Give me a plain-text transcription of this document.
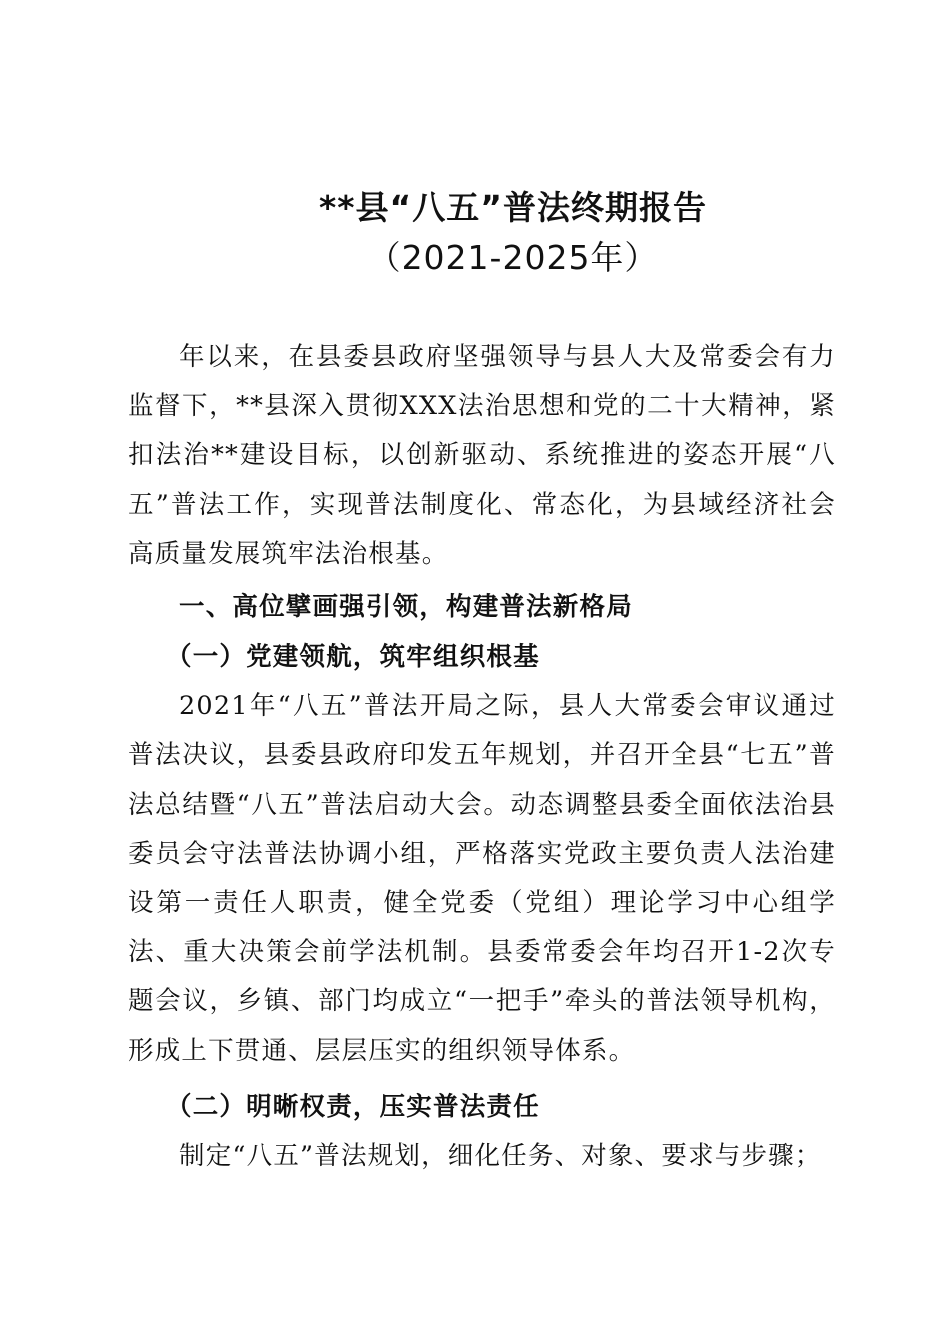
**县“八五”普法终期报告
（2021-2025年）

年以来，在县委县政府坚强领导与县人大及常委会有力监督下，**县深入贯彻XXX法治思想和党的二十大精神，紧扣法治**建设目标，以创新驱动、系统推进的姿态开展“八五”普法工作，实现普法制度化、常态化，为县域经济社会高质量发展筑牢法治根基。

一、高位擘画强引领，构建普法新格局

（一）党建领航，筑牢组织根基

2021年“八五”普法开局之际，县人大常委会审议通过普法决议，县委县政府印发五年规划，并召开全县“七五”普法总结暨“八五”普法启动大会。动态调整县委全面依法治县委员会守法普法协调小组，严格落实党政主要负责人法治建设第一责任人职责，健全党委（党组）理论学习中心组学法、重大决策会前学法机制。县委常委会年均召开1-2次专题会议，乡镇、部门均成立“一把手”牵头的普法领导机构，形成上下贯通、层层压实的组织领导体系。

（二）明晰权责，压实普法责任

制定“八五”普法规划，细化任务、对象、要求与步骤；
